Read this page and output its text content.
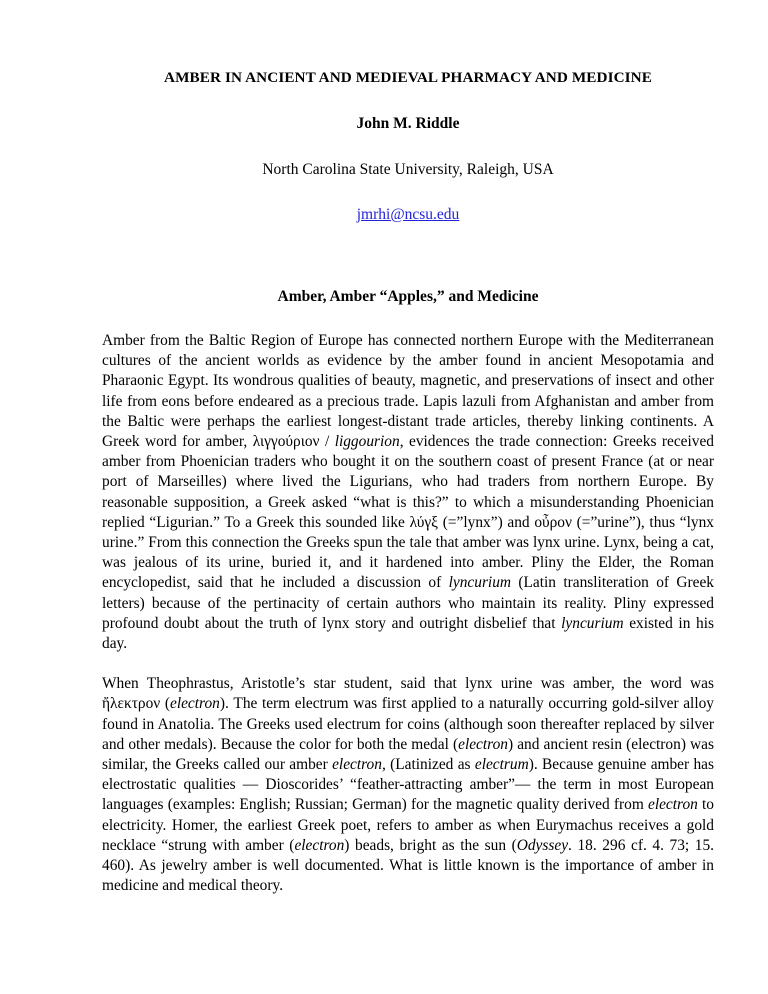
AMBER IN ANCIENT AND MEDIEVAL PHARMACY AND MEDICINE

John M. Riddle

North Carolina State University, Raleigh, USA

jmrhi@ncsu.edu

Amber, Amber “Apples,” and Medicine

Amber from the Baltic Region of Europe has connected northern Europe with the Mediterranean cultures of the ancient worlds as evidence by the amber found in ancient Mesopotamia and Pharaonic Egypt. Its wondrous qualities of beauty, magnetic, and preservations of insect and other life from eons before endeared as a precious trade. Lapis lazuli from Afghanistan and amber from the Baltic were perhaps the earliest longest-distant trade articles, thereby linking continents. A Greek word for amber, λιγγούριον / liggourion, evidences the trade connection: Greeks received amber from Phoenician traders who bought it on the southern coast of present France (at or near port of Marseilles) where lived the Ligurians, who had traders from northern Europe. By reasonable supposition, a Greek asked “what is this?” to which a misunderstanding Phoenician replied “Ligurian.” To a Greek this sounded like λύγξ (=”lynx”) and οὖρον (=”urine”), thus “lynx urine.” From this connection the Greeks spun the tale that amber was lynx urine. Lynx, being a cat, was jealous of its urine, buried it, and it hardened into amber. Pliny the Elder, the Roman encyclopedist, said that he included a discussion of lyncurium (Latin transliteration of Greek letters) because of the pertinacity of certain authors who maintain its reality. Pliny expressed profound doubt about the truth of lynx story and outright disbelief that lyncurium existed in his day.

When Theophrastus, Aristotle’s star student, said that lynx urine was amber, the word was ἤλεκτρον (electron). The term electrum was first applied to a naturally occurring gold-silver alloy found in Anatolia. The Greeks used electrum for coins (although soon thereafter replaced by silver and other medals). Because the color for both the medal (electron) and ancient resin (electron) was similar, the Greeks called our amber electron, (Latinized as electrum). Because genuine amber has electrostatic qualities — Dioscorides’ “feather-attracting amber”— the term in most European languages (examples: English; Russian; German) for the magnetic quality derived from electron to electricity. Homer, the earliest Greek poet, refers to amber as when Eurymachus receives a gold necklace “strung with amber (electron) beads, bright as the sun (Odyssey. 18. 296 cf. 4. 73; 15. 460). As jewelry amber is well documented. What is little known is the importance of amber in medicine and medical theory.
